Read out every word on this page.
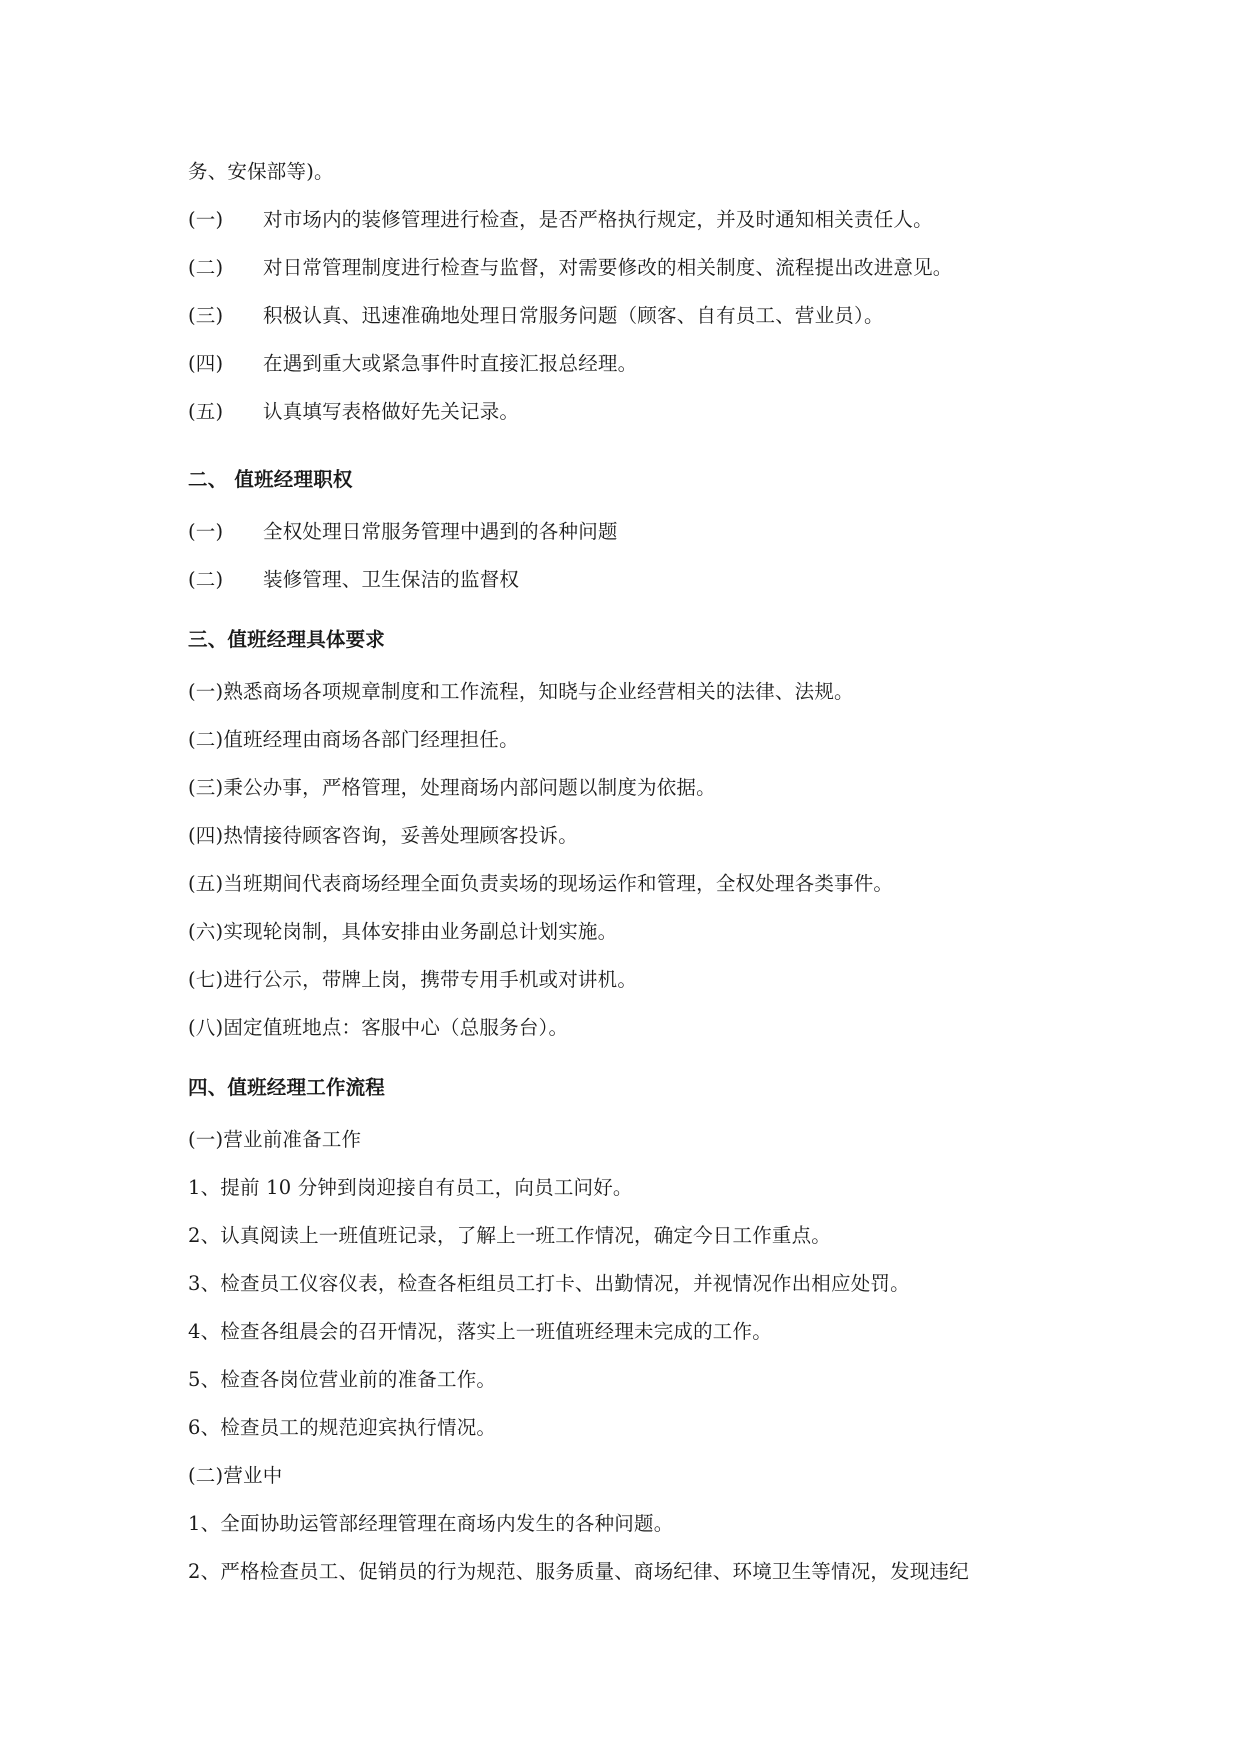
务、安保部等)。
(一) 对市场内的装修管理进行检查，是否严格执行规定，并及时通知相关责任人。
(二) 对日常管理制度进行检查与监督，对需要修改的相关制度、流程提出改进意见。
(三) 积极认真、迅速准确地处理日常服务问题（顾客、自有员工、营业员）。
(四) 在遇到重大或紧急事件时直接汇报总经理。
(五) 认真填写表格做好先关记录。
二、 值班经理职权
(一) 全权处理日常服务管理中遇到的各种问题
(二) 装修管理、卫生保洁的监督权
三、值班经理具体要求
(一)熟悉商场各项规章制度和工作流程，知晓与企业经营相关的法律、法规。
(二)值班经理由商场各部门经理担任。
(三)秉公办事，严格管理，处理商场内部问题以制度为依据。
(四)热情接待顾客咨询，妥善处理顾客投诉。
(五)当班期间代表商场经理全面负责卖场的现场运作和管理，全权处理各类事件。
(六)实现轮岗制，具体安排由业务副总计划实施。
(七)进行公示，带牌上岗，携带专用手机或对讲机。
(八)固定值班地点：客服中心（总服务台）。
四、值班经理工作流程
(一)营业前准备工作
1、提前 10 分钟到岗迎接自有员工，向员工问好。
2、认真阅读上一班值班记录，了解上一班工作情况，确定今日工作重点。
3、检查员工仪容仪表，检查各柜组员工打卡、出勤情况，并视情况作出相应处罚。
4、检查各组晨会的召开情况，落实上一班值班经理未完成的工作。
5、检查各岗位营业前的准备工作。
6、检查员工的规范迎宾执行情况。
(二)营业中
1、全面协助运管部经理管理在商场内发生的各种问题。
2、严格检查员工、促销员的行为规范、服务质量、商场纪律、环境卫生等情况，发现违纪
